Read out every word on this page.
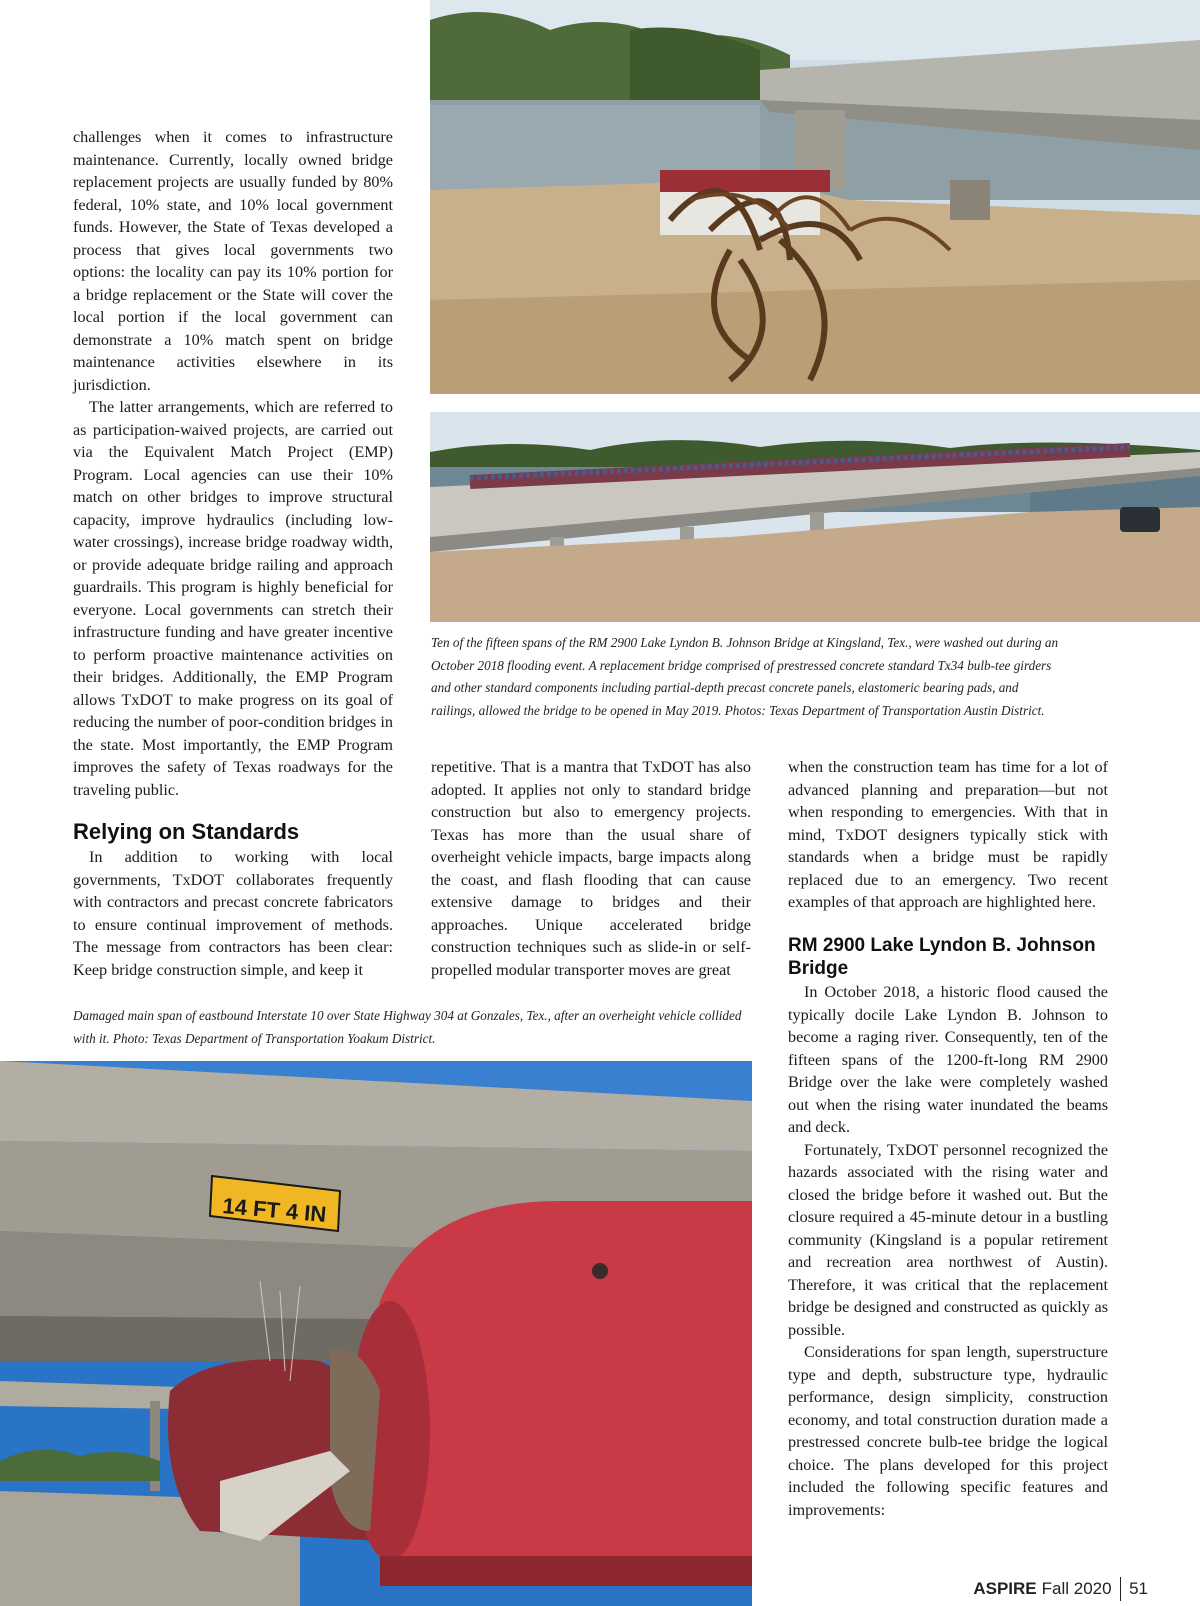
challenges when it comes to infrastructure maintenance. Currently, locally owned bridge replacement projects are usually funded by 80% federal, 10% state, and 10% local government funds. However, the State of Texas developed a process that gives local governments two options: the locality can pay its 10% portion for a bridge replacement or the State will cover the local portion if the local government can demonstrate a 10% match spent on bridge maintenance activities elsewhere in its jurisdiction.

The latter arrangements, which are referred to as participation-waived projects, are carried out via the Equivalent Match Project (EMP) Program. Local agencies can use their 10% match on other bridges to improve structural capacity, improve hydraulics (including low-water crossings), increase bridge roadway width, or provide adequate bridge railing and approach guardrails. This program is highly beneficial for everyone. Local governments can stretch their infrastructure funding and have greater incentive to perform proactive maintenance activities on their bridges. Additionally, the EMP Program allows TxDOT to make progress on its goal of reducing the number of poor-condition bridges in the state. Most importantly, the EMP Program improves the safety of Texas roadways for the traveling public.

Relying on Standards

In addition to working with local governments, TxDOT collaborates frequently with contractors and precast concrete fabricators to ensure continual improvement of methods. The message from contractors has been clear: Keep bridge construction simple, and keep it

repetitive. That is a mantra that TxDOT has also adopted. It applies not only to standard bridge construction but also to emergency projects. Texas has more than the usual share of overheight vehicle impacts, barge impacts along the coast, and flash flooding that can cause extensive damage to bridges and their approaches. Unique accelerated bridge construction techniques such as slide-in or self-propelled modular transporter moves are great

when the construction team has time for a lot of advanced planning and preparation—but not when responding to emergencies. With that in mind, TxDOT designers typically stick with standards when a bridge must be rapidly replaced due to an emergency. Two recent examples of that approach are highlighted here.

RM 2900 Lake Lyndon B. Johnson Bridge

In October 2018, a historic flood caused the typically docile Lake Lyndon B. Johnson to become a raging river. Consequently, ten of the fifteen spans of the 1200-ft-long RM 2900 Bridge over the lake were completely washed out when the rising water inundated the beams and deck.

Fortunately, TxDOT personnel recognized the hazards associated with the rising water and closed the bridge before it washed out. But the closure required a 45-minute detour in a bustling community (Kingsland is a popular retirement and recreation area northwest of Austin). Therefore, it was critical that the replacement bridge be designed and constructed as quickly as possible.

Considerations for span length, superstructure type and depth, substructure type, hydraulic performance, design simplicity, construction economy, and total construction duration made a prestressed concrete bulb-tee bridge the logical choice. The plans developed for this project included the following specific features and improvements:

Ten of the fifteen spans of the RM 2900 Lake Lyndon B. Johnson Bridge at Kingsland, Tex., were washed out during an October 2018 flooding event. A replacement bridge comprised of prestressed concrete standard Tx34 bulb-tee girders and other standard components including partial-depth precast concrete panels, elastomeric bearing pads, and railings, allowed the bridge to be opened in May 2019. Photos: Texas Department of Transportation Austin District.

Damaged main span of eastbound Interstate 10 over State Highway 304 at Gonzales, Tex., after an overheight vehicle collided with it. Photo: Texas Department of Transportation Yoakum District.

14 FT 4 IN
ASPIRE Fall 2020 51
